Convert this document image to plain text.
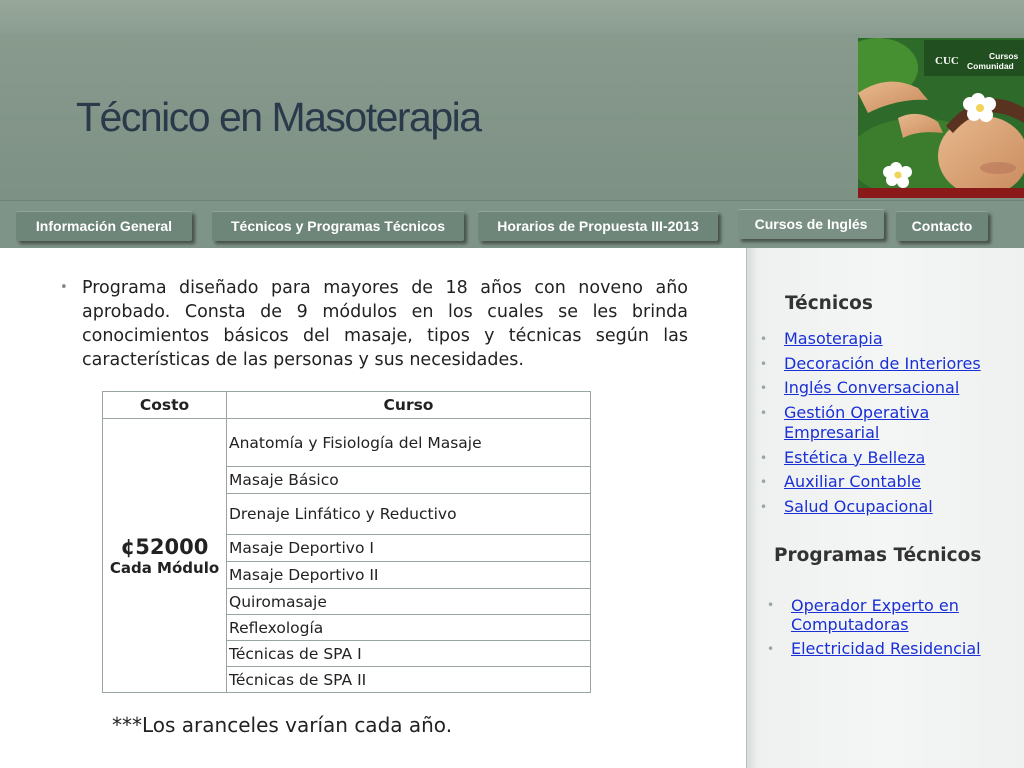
Técnico en Masoterapia
CUC	Cursos
Comunidad
Información General	Técnicos y Programas Técnicos	Horarios de Propuesta III-2013	Cursos de Inglés	Contacto
• Programa diseñado para mayores de 18 años con noveno año aprobado. Consta de 9 módulos en los cuales se les brinda conocimientos básicos del masaje, tipos y técnicas según las características de las personas y sus necesidades.

Costo	Curso

¢52000
Cada Módulo	Anatomía y Fisiología del Masaje
	Masaje Básico
	Drenaje Linfático y Reductivo
	Masaje Deportivo I
	Masaje Deportivo II
	Quiromasaje
	Reflexología
	Técnicas de SPA I
	Técnicas de SPA II
***Los aranceles varían cada año.
Técnicos
• Masoterapia
• Decoración de Interiores
• Inglés Conversacional
• Gestión Operativa Empresarial
• Estética y Belleza
• Auxiliar Contable
• Salud Ocupacional
Programas Técnicos
• Operador Experto en Computadoras
• Electricidad Residencial
